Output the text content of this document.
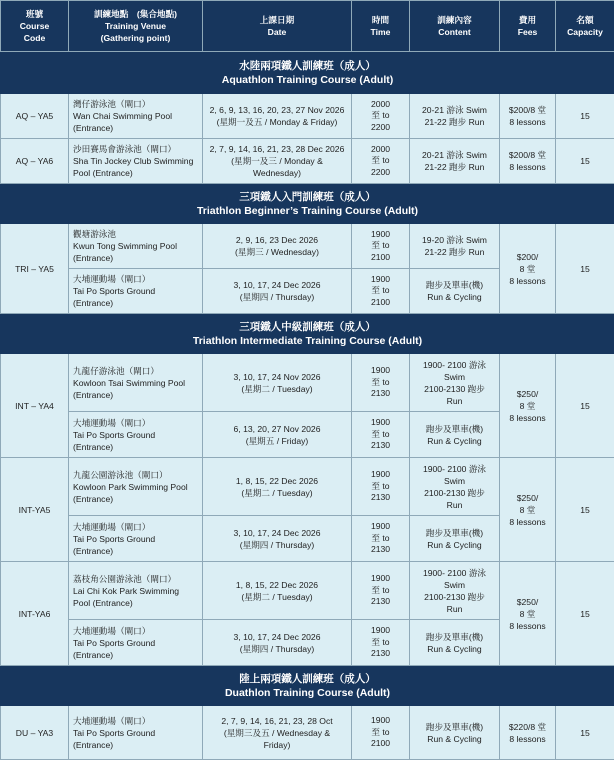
班號
Course
Code	訓練地點　(集合地點)
Training Venue
(Gathering point)	上課日期
Date	時間
Time	訓練內容
Content	費用
Fees	名額
Capacity

水陸兩項鐵人訓練班（成人）
Aquathlon Training Course (Adult)						

AQ – YA5	灣仔游泳池（閘口）
Wan Chai Swimming Pool
(Entrance)	2, 6, 9, 13, 16, 20, 23, 27 Nov 2026
(星期一及五 / Monday & Friday)	2000
至 to
2200	20-21 游泳 Swim
21-22 跑步 Run	$200/8 堂
8 lessons	15
AQ – YA6	沙田賽馬會游泳池（閘口）
Sha Tin Jockey Club Swimming
Pool (Entrance)	2, 7, 9, 14, 16, 21, 23, 28 Dec 2026
(星期一及三 / Monday &
Wednesday)	2000
至 to
2200	20-21 游泳 Swim
21-22 跑步 Run	$200/8 堂
8 lessons	15

三項鐵人入門訓練班（成人）
Triathlon Beginner’s Training Course (Adult)						

TRI – YA5	觀塘游泳池
Kwun Tong Swimming Pool
(Entrance)	2, 9, 16, 23 Dec 2026
(星期三 / Wednesday)	1900
至 to
2100	19-20 游泳 Swim
21-22 跑步 Run	$200/
8 堂
8 lessons	15

	大埔運動場（閘口）
Tai Po Sports Ground
(Entrance)	3, 10, 17, 24 Dec 2026
(星期四 / Thursday)	1900
至 to
2100	跑步及單車(機)
Run & Cycling		

三項鐵人中級訓練班（成人）
Triathlon Intermediate Training Course (Adult)						

INT – YA4	九龍仔游泳池（閘口）
Kowloon Tsai Swimming Pool
(Entrance)	3, 10, 17, 24 Nov 2026
(星期二 / Tuesday)	1900
至 to
2130	1900- 2100 游泳
Swim
2100-2130 跑步
Run	$250/
8 堂
8 lessons	15

	大埔運動場（閘口）
Tai Po Sports Ground
(Entrance)	6, 13, 20, 27 Nov 2026
(星期五 / Friday)	1900
至 to
2130	跑步及單車(機)
Run & Cycling		

INT-YA5	九龍公園游泳池（閘口）
Kowloon Park Swimming Pool
(Entrance)	1, 8, 15, 22 Dec 2026
(星期二 / Tuesday)	1900
至 to
2130	1900- 2100 游泳
Swim
2100-2130 跑步
Run	$250/
8 堂
8 lessons	15

	大埔運動場（閘口）
Tai Po Sports Ground
(Entrance)	3, 10, 17, 24 Dec 2026
(星期四 / Thursday)	1900
至 to
2130	跑步及單車(機)
Run & Cycling		

INT-YA6	荔枝角公園游泳池（閘口）
Lai Chi Kok Park Swimming
Pool (Entrance)	1, 8, 15, 22 Dec 2026
(星期二 / Tuesday)	1900
至 to
2130	1900- 2100 游泳
Swim
2100-2130 跑步
Run	$250/
8 堂
8 lessons	15

	大埔運動場（閘口）
Tai Po Sports Ground
(Entrance)	3, 10, 17, 24 Dec 2026
(星期四 / Thursday)	1900
至 to
2130	跑步及單車(機)
Run & Cycling		

陸上兩項鐵人訓練班（成人）
Duathlon Training Course (Adult)						

DU – YA3	大埔運動場（閘口）
Tai Po Sports Ground
(Entrance)	2, 7, 9, 14, 16, 21, 23, 28 Oct
(星期三及五 / Wednesday &
Friday)	1900
至 to
2100	跑步及單車(機)
Run & Cycling	$220/8 堂
8 lessons	15
